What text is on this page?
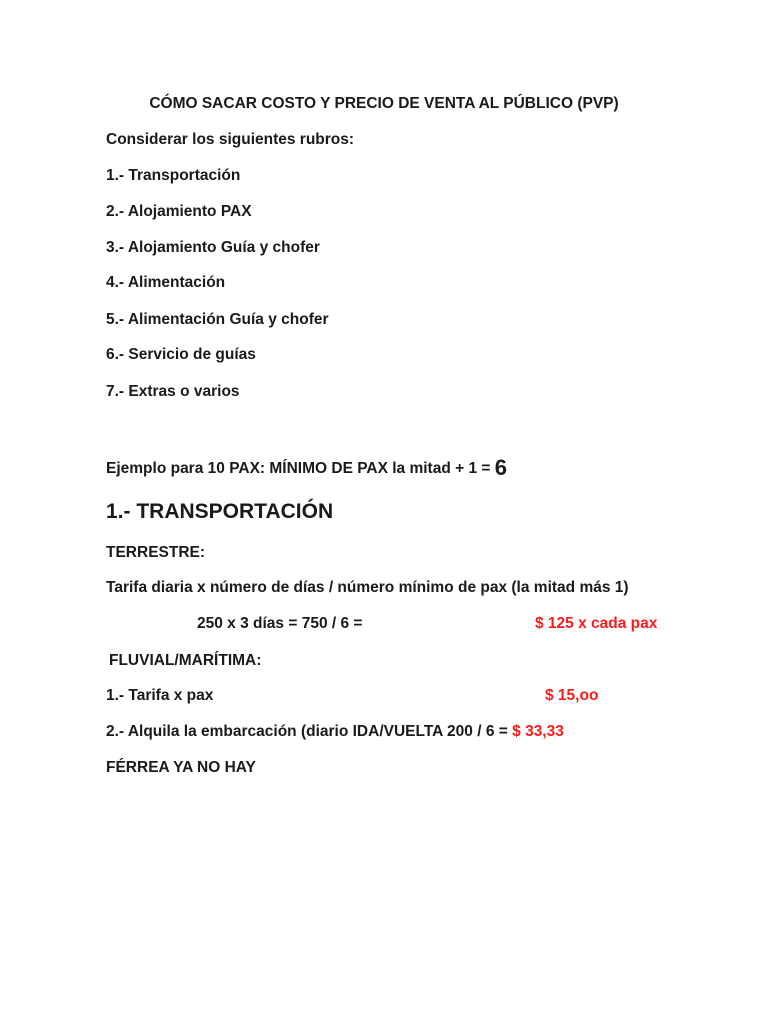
CÓMO SACAR COSTO Y PRECIO DE VENTA AL PÚBLICO (PVP)
Considerar los siguientes rubros:
1.- Transportación
2.- Alojamiento PAX
3.- Alojamiento Guía y chofer
4.- Alimentación
5.- Alimentación Guía y chofer
6.- Servicio de guías
7.- Extras o varios
Ejemplo para 10 PAX: MÍNIMO DE PAX la mitad + 1 = 6
1.- TRANSPORTACIÓN
TERRESTRE:
Tarifa diaria x número de días / número mínimo de pax (la mitad más 1)
250 x 3 días = 750 / 6 =	$ 125 x cada pax
FLUVIAL/MARÍTIMA:
1.- Tarifa x pax	$ 15,oo
2.- Alquila la embarcación (diario IDA/VUELTA 200 / 6 = $ 33,33
FÉRREA YA NO HAY
